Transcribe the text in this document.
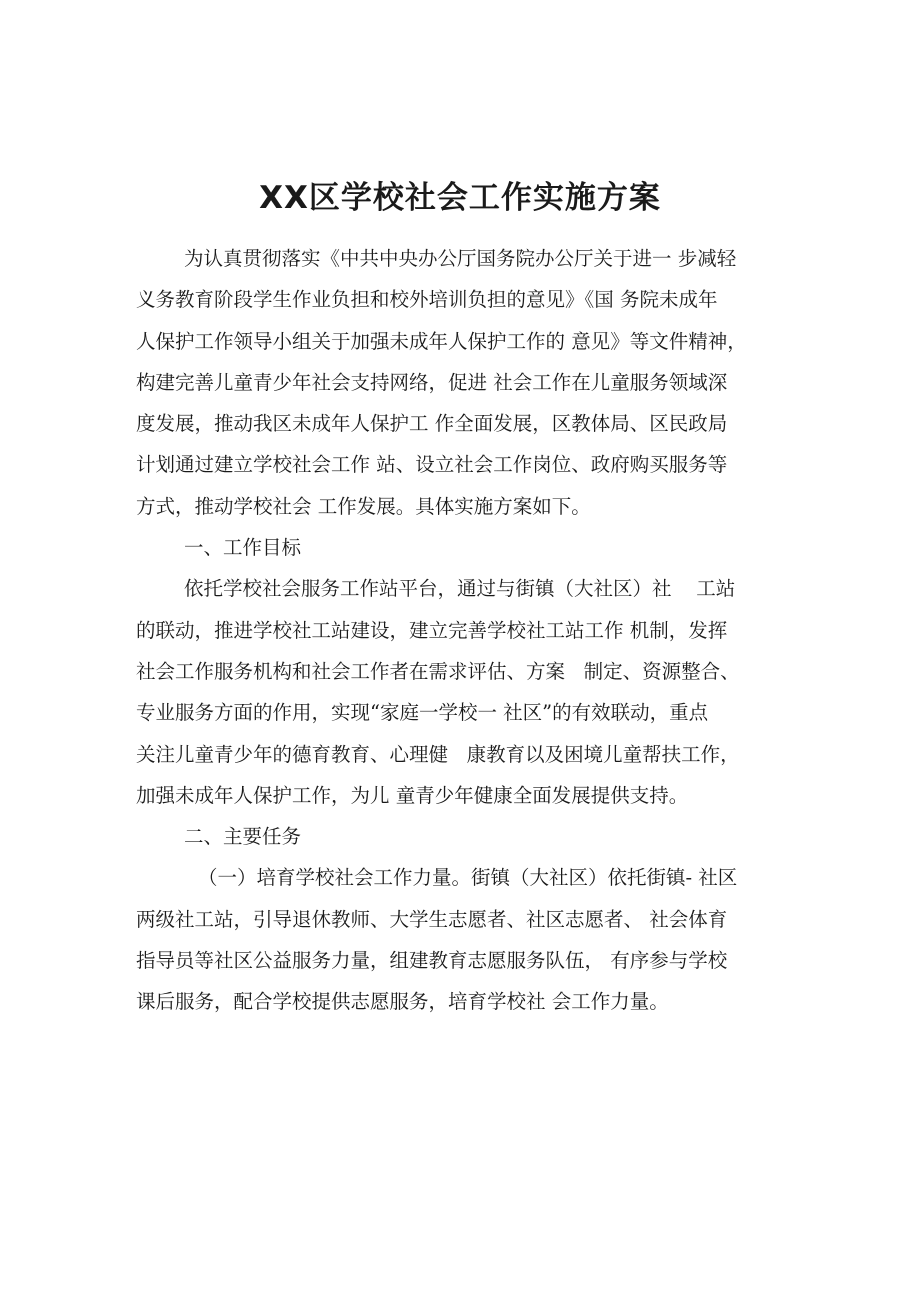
XX区学校社会工作实施方案

为认真贯彻落实《中共中央办公厅国务院办公厅关于进一 步减轻
义务教育阶段学生作业负担和校外培训负担的意见》《国 务院未成年
人保护工作领导小组关于加强未成年人保护工作的 意见》等文件精神，
构建完善儿童青少年社会支持网络，促进 社会工作在儿童服务领域深
度发展，推动我区未成年人保护工 作全面发展，区教体局、区民政局
计划通过建立学校社会工作 站、设立社会工作岗位、政府购买服务等
方式，推动学校社会 工作发展。具体实施方案如下。

一、工作目标

依托学校社会服务工作站平台，通过与街镇（大社区）社    工站
的联动，推进学校社工站建设，建立完善学校社工站工作 机制，发挥
社会工作服务机构和社会工作者在需求评估、方案   制定、资源整合、
专业服务方面的作用，实现“家庭一学校一 社区”的有效联动，重点
关注儿童青少年的德育教育、心理健   康教育以及困境儿童帮扶工作，
加强未成年人保护工作，为儿 童青少年健康全面发展提供支持。

二、主要任务

（一）培育学校社会工作力量。街镇（大社区）依托街镇- 社区
两级社工站，引导退休教师、大学生志愿者、社区志愿者、 社会体育
指导员等社区公益服务力量，组建教育志愿服务队伍， 有序参与学校
课后服务，配合学校提供志愿服务，培育学校社 会工作力量。
